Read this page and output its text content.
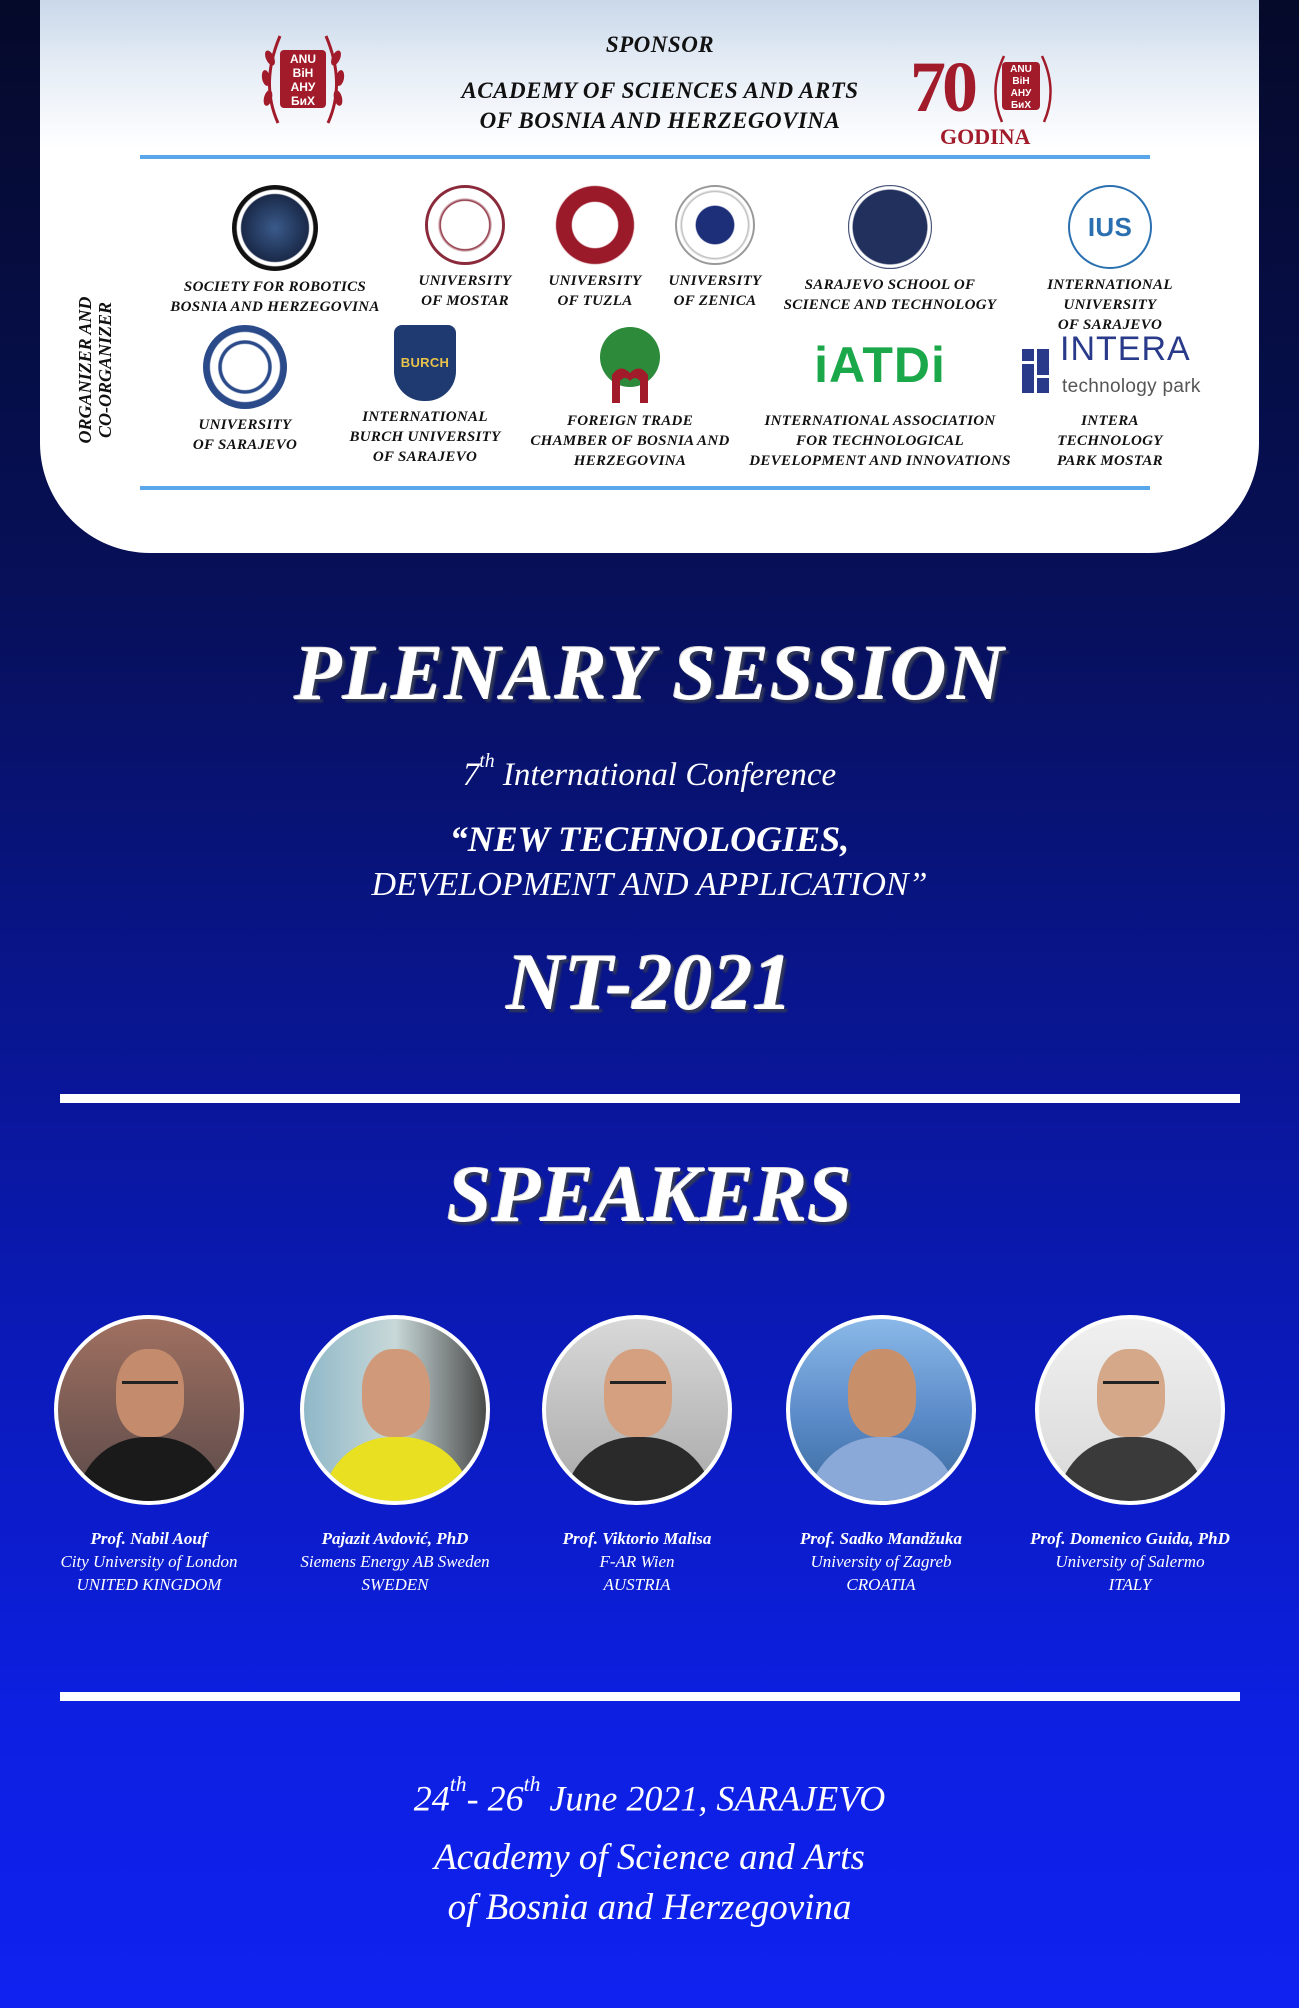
ANU
BiH
АНУ
БиХ
SPONSOR
ACADEMY OF SCIENCES AND ARTS
OF BOSNIA AND HERZEGOVINA 70	ANU
BiH
АНУ
БиХ
GODINA
ORGANIZER AND CO-ORGANIZER
SOCIETY FOR ROBOTICS
BOSNIA AND HERZEGOVINA
UNIVERSITY
OF MOSTAR
UNIVERSITY
OF TUZLA
UNIVERSITY
OF ZENICA
SARAJEVO SCHOOL OF
SCIENCE AND TECHNOLOGY
IUS
INTERNATIONAL
UNIVERSITY
OF SARAJEVO
UNIVERSITY
OF SARAJEVO
BURCH
INTERNATIONAL
BURCH UNIVERSITY
OF SARAJEVO
FOREIGN TRADE
CHAMBER OF BOSNIA AND
HERZEGOVINA
iATDi
INTERNATIONAL ASSOCIATION
FOR TECHNOLOGICAL
DEVELOPMENT AND INNOVATIONS
INTERA
technology park
INTERA
TECHNOLOGY
PARK MOSTAR
PLENARY SESSION
7th International Conference
“NEW TECHNOLOGIES,
DEVELOPMENT AND APPLICATION”
NT-2021
SPEAKERS
Prof. Nabil Aouf
City University of London
UNITED KINGDOM
Pajazit Avdović, PhD
Siemens Energy AB Sweden
SWEDEN
Prof. Viktorio Malisa
F-AR Wien
AUSTRIA
Prof. Sadko Mandžuka
University of Zagreb
CROATIA
Prof. Domenico Guida, PhD
University of Salermo
ITALY
24th- 26th June 2021, SARAJEVO
Academy of Science and Arts
of Bosnia and Herzegovina
